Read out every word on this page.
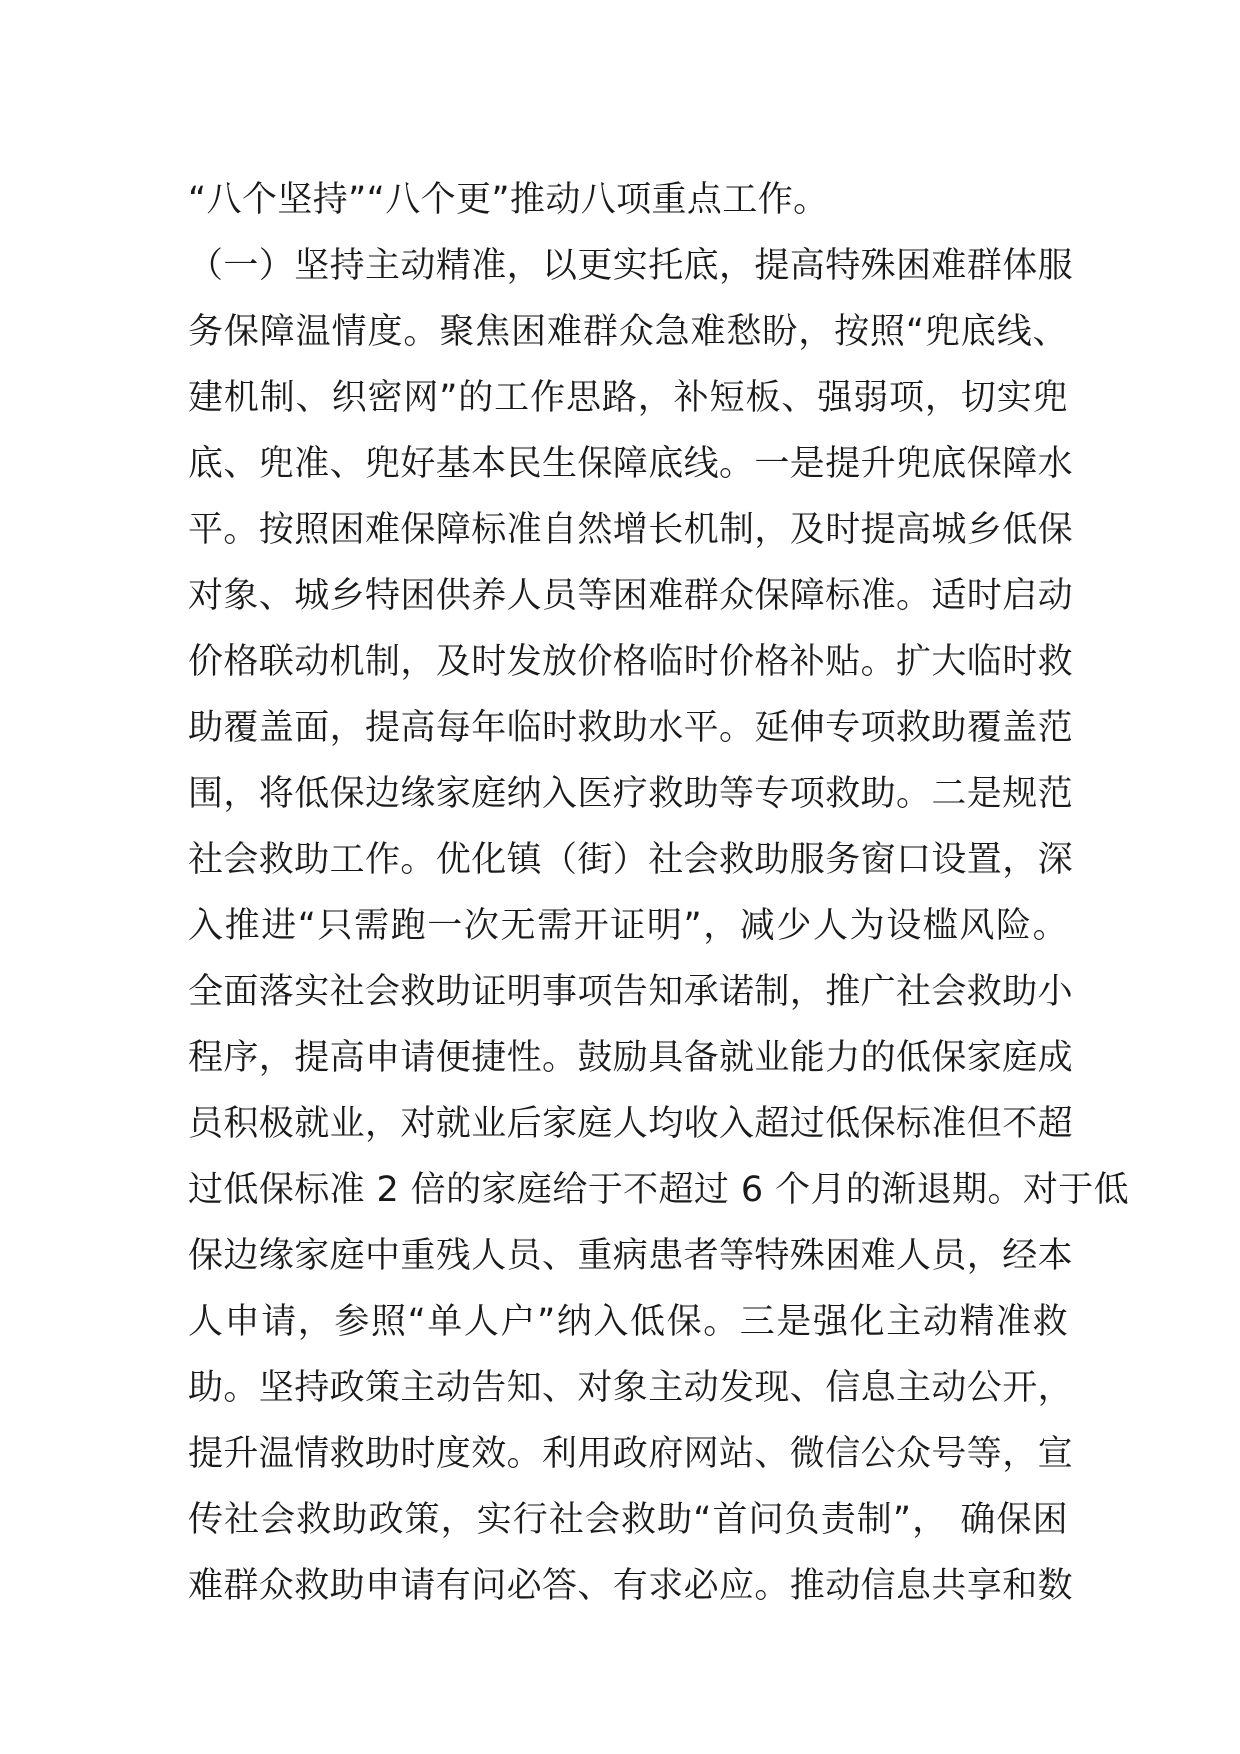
“八个坚持”“八个更”推动八项重点工作。
（一）坚持主动精准，以更实托底，提高特殊困难群体服
务保障温情度。聚焦困难群众急难愁盼，按照“兜底线、
建机制、织密网”的工作思路，补短板、强弱项，切实兜
底、兜准、兜好基本民生保障底线。一是提升兜底保障水
平。按照困难保障标准自然增长机制，及时提高城乡低保
对象、城乡特困供养人员等困难群众保障标准。适时启动
价格联动机制，及时发放价格临时价格补贴。扩大临时救
助覆盖面，提高每年临时救助水平。延伸专项救助覆盖范
围，将低保边缘家庭纳入医疗救助等专项救助。二是规范
社会救助工作。优化镇（街）社会救助服务窗口设置，深
入推进“只需跑一次无需开证明”，减少人为设槛风险。
全面落实社会救助证明事项告知承诺制，推广社会救助小
程序，提高申请便捷性。鼓励具备就业能力的低保家庭成
员积极就业，对就业后家庭人均收入超过低保标准但不超
过低保标准 2 倍的家庭给于不超过 6 个月的渐退期。对于低
保边缘家庭中重残人员、重病患者等特殊困难人员，经本
人申请，参照“单人户”纳入低保。三是强化主动精准救
助。坚持政策主动告知、对象主动发现、信息主动公开，
提升温情救助时度效。利用政府网站、微信公众号等，宣
传社会救助政策，实行社会救助“首问负责制”， 确保困
难群众救助申请有问必答、有求必应。推动信息共享和数
